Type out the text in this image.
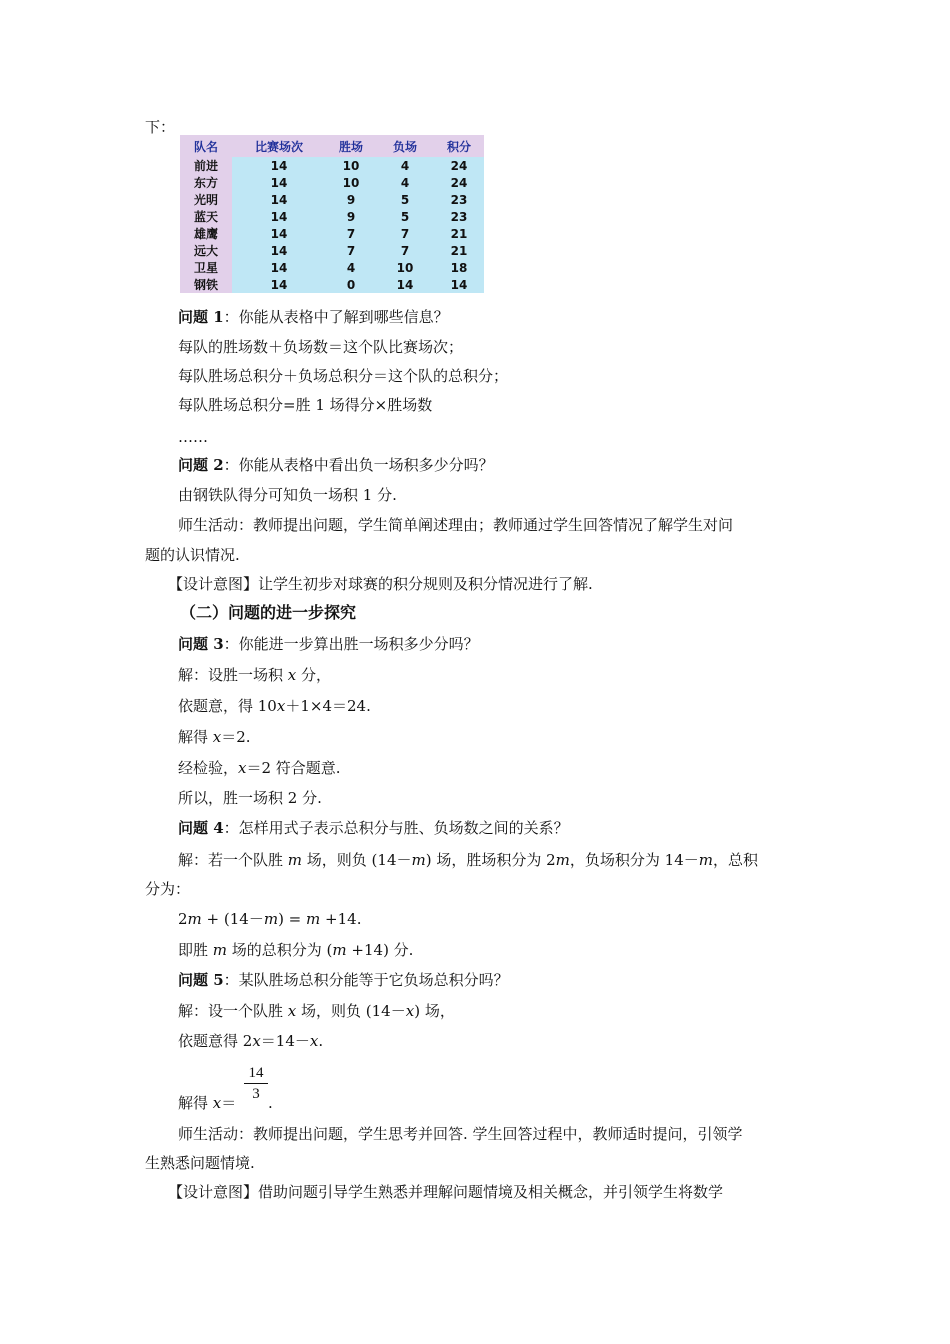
下：
队名	比赛场次	胜场	负场	积分
前进	14	10	4	24
东方	14	10	4	24
光明	14	9	5	23
蓝天	14	9	5	23
雄鹰	14	7	7	21
远大	14	7	7	21
卫星	14	4	10	18
钢铁	14	0	14	14
问题 1：你能从表格中了解到哪些信息？
每队的胜场数＋负场数＝这个队比赛场次；
每队胜场总积分＋负场总积分＝这个队的总积分；
每队胜场总积分=胜 1 场得分×胜场数
……
问题 2：你能从表格中看出负一场积多少分吗？
由钢铁队得分可知负一场积 1 分.
师生活动：教师提出问题，学生简单阐述理由；教师通过学生回答情况了解学生对问
题的认识情况.
【设计意图】让学生初步对球赛的积分规则及积分情况进行了解.
（二）问题的进一步探究
问题 3：你能进一步算出胜一场积多少分吗？
解：设胜一场积 x 分，
依题意，得 10x＋1×4＝24.
解得 x＝2.
经检验，x＝2 符合题意.
所以，胜一场积 2 分.
问题 4：怎样用式子表示总积分与胜、负场数之间的关系？
解：若一个队胜 m 场，则负 (14－m) 场，胜场积分为 2m，负场积分为 14－m，总积
分为：
2m + (14－m) = m +14.
即胜 m 场的总积分为 (m +14) 分.
问题 5：某队胜场总积分能等于它负场总积分吗？
解：设一个队胜 x 场，则负 (14－x) 场，
依题意得 2x＝14－x.
解得 x＝
14
3 .
师生活动：教师提出问题，学生思考并回答. 学生回答过程中，教师适时提问，引领学
生熟悉问题情境.
【设计意图】借助问题引导学生熟悉并理解问题情境及相关概念，并引领学生将数学
